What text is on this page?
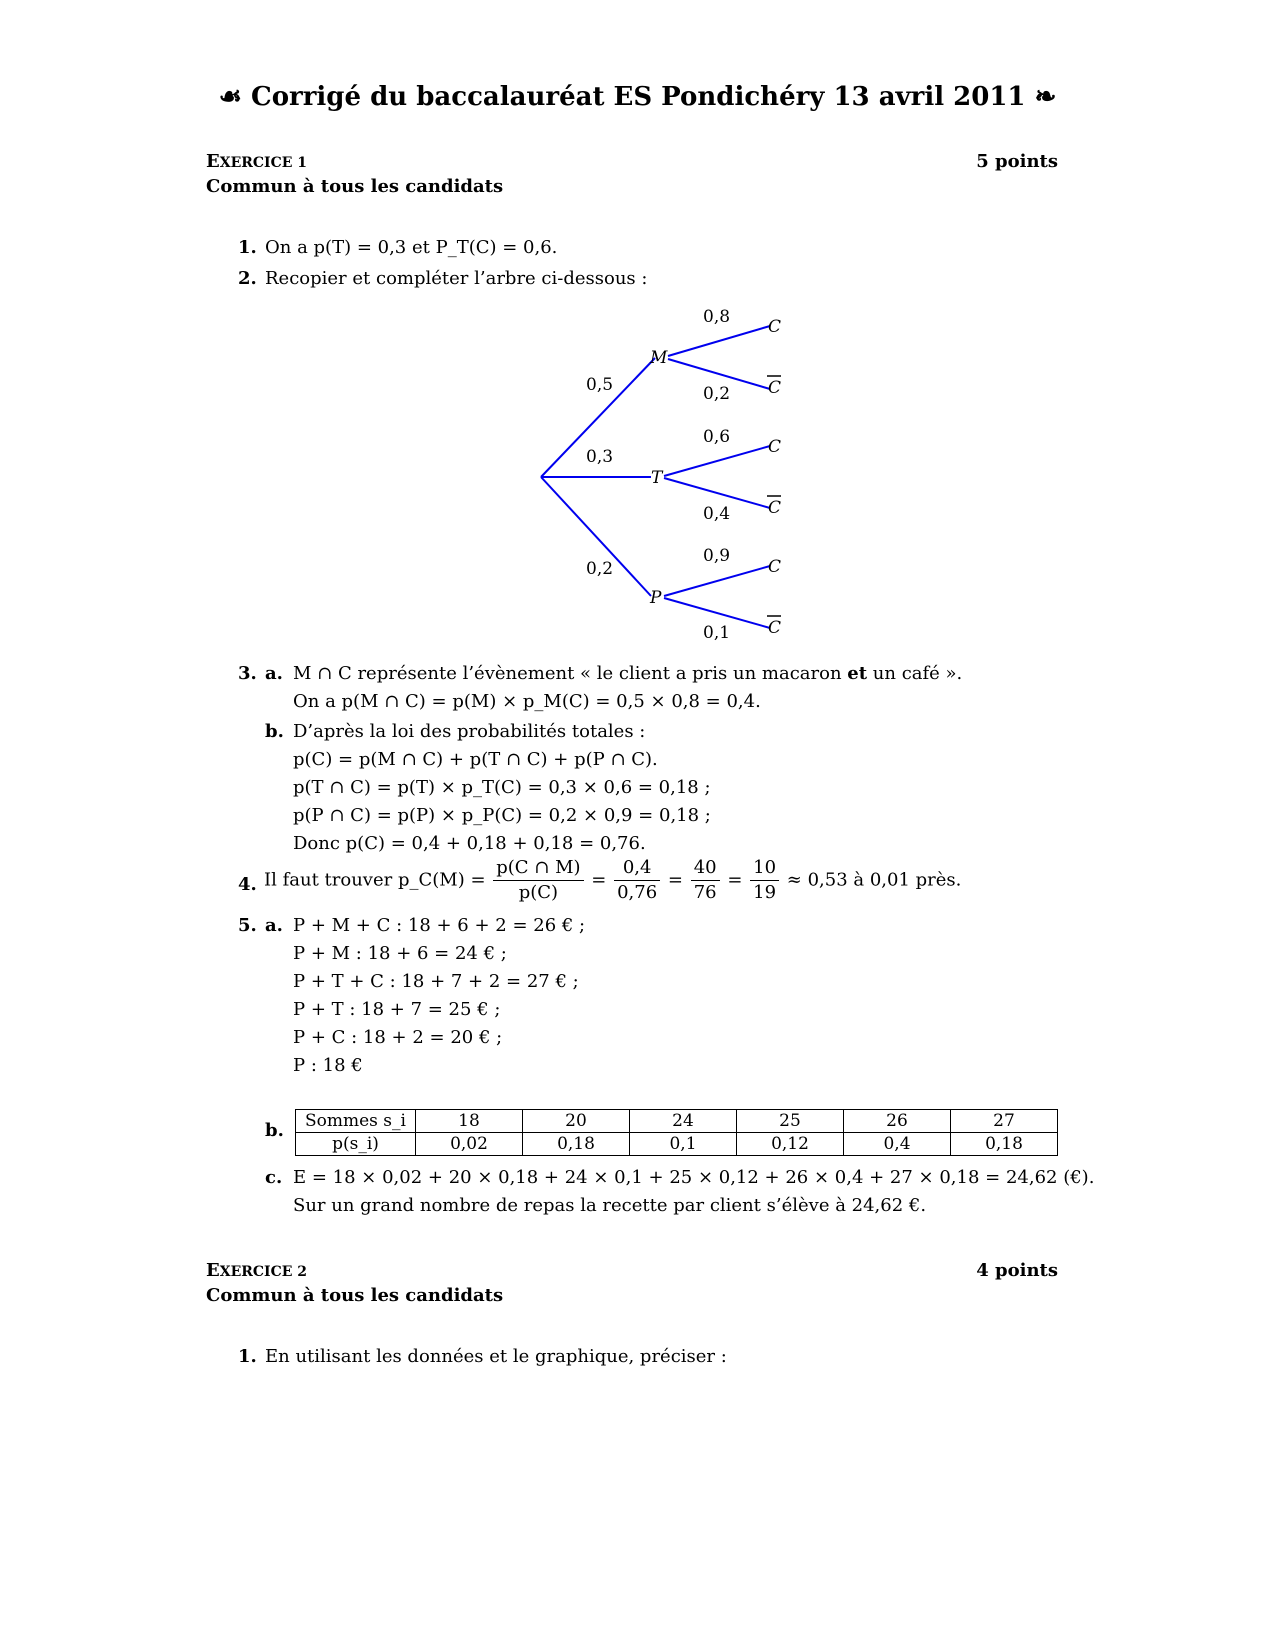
☙ Corrigé du baccalauréat ES Pondichéry 13 avril 2011 ❧
EXERCICE 1	5 points
Commun à tous les candidats
1. On a p(T) = 0,3 et P_T(C) = 0,6.
2. Recopier et compléter l’arbre ci-dessous :
M
T
P
C
C
C
C
C
C
0,5
0,3
0,2
0,8
0,2
0,6
0,4
0,9
0,1
3. a. M ∩ C représente l’évènement « le client a pris un macaron et un café ».
On a p(M ∩ C) = p(M) × p_M(C) = 0,5 × 0,8 = 0,4.
b. D’après la loi des probabilités totales :
p(C) = p(M ∩ C) + p(T ∩ C) + p(P ∩ C).
p(T ∩ C) = p(T) × p_T(C) = 0,3 × 0,6 = 0,18 ;
p(P ∩ C) = p(P) × p_P(C) = 0,2 × 0,9 = 0,18 ;
Donc p(C) = 0,4 + 0,18 + 0,18 = 0,76.
4. Il faut trouver p_C(M) = $\frac{p(C \cap M)}{p(C)} = \frac{0,4}{0,76} = \frac{40}{76} = \frac{10}{19} \approx 0,53$ à 0,01 près.
5. a. P + M + C : 18 + 6 + 2 = 26 € ;
P + M : 18 + 6 = 24 € ;
P + T + C : 18 + 7 + 2 = 27 € ;
P + T : 18 + 7 = 25 € ;
P + C : 18 + 2 = 20 € ;
P : 18 €
b. Sommes s_i	18	20	24	25	26	27
p(s_i)	0,02	0,18	0,1	0,12	0,4	0,18
c. E = 18 × 0,02 + 20 × 0,18 + 24 × 0,1 + 25 × 0,12 + 26 × 0,4 + 27 × 0,18 = 24,62 (€).
Sur un grand nombre de repas la recette par client s’élève à 24,62 €.
EXERCICE 2	4 points
Commun à tous les candidats
1. En utilisant les données et le graphique, préciser :
